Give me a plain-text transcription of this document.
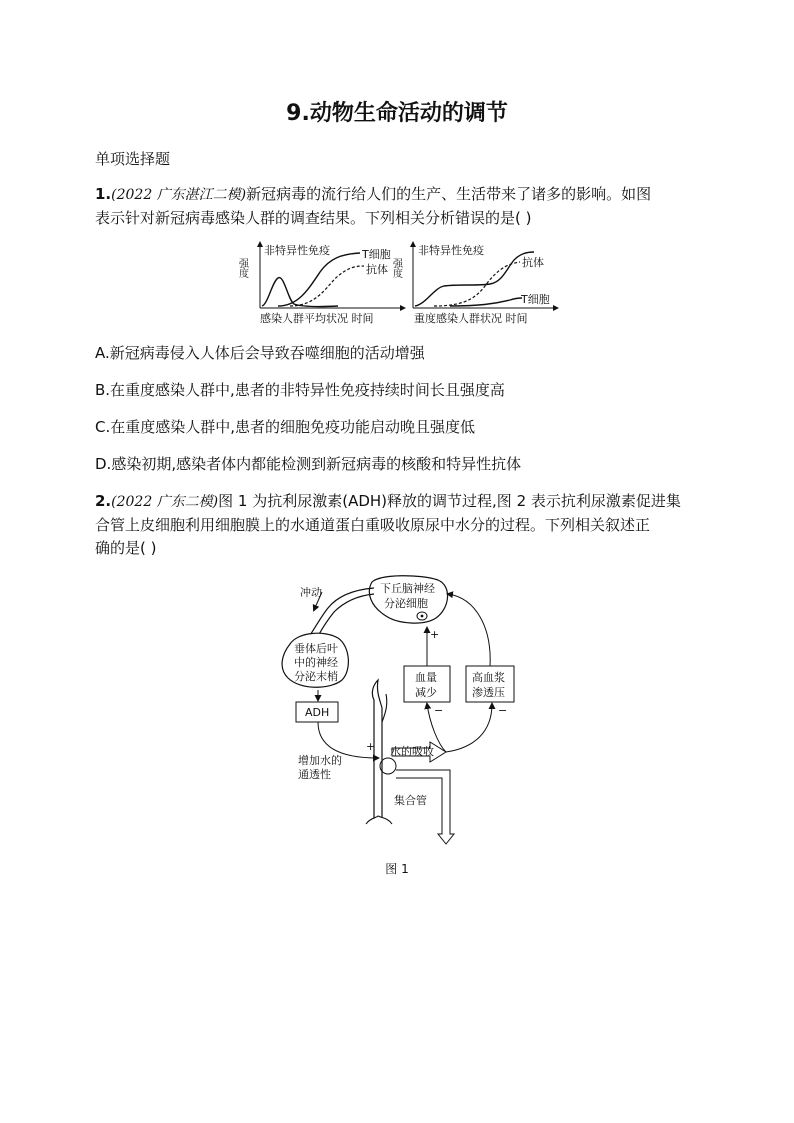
9.动物生命活动的调节
单项选择题
1.(2022 广东湛江二模)新冠病毒的流行给人们的生产、生活带来了诸多的影响。如图
表示针对新冠病毒感染人群的调查结果。下列相关分析错误的是( )
强度
非特异性免疫	T细胞
抗体
感染人群平均状况 时间
强度
非特异性免疫
抗体
T细胞
重度感染人群状况 时间
A.新冠病毒侵入人体后会导致吞噬细胞的活动增强
B.在重度感染人群中,患者的非特异性免疫持续时间长且强度高
C.在重度感染人群中,患者的细胞免疫功能启动晚且强度低
D.感染初期,感染者体内都能检测到新冠病毒的核酸和特异性抗体
2.(2022 广东二模)图 1 为抗利尿激素(ADH)释放的调节过程,图 2 表示抗利尿激素促进集
合管上皮细胞利用细胞膜上的水通道蛋白重吸收原尿中水分的过程。下列相关叙述正
确的是( )
冲动	下丘脑神经
分泌细胞
垂体后叶
中的神经
分泌末梢
ADH
+ 水的吸收
集合管
增加水的
通透性
血量
减少
+
高血浆
渗透压
−	−
图 1
